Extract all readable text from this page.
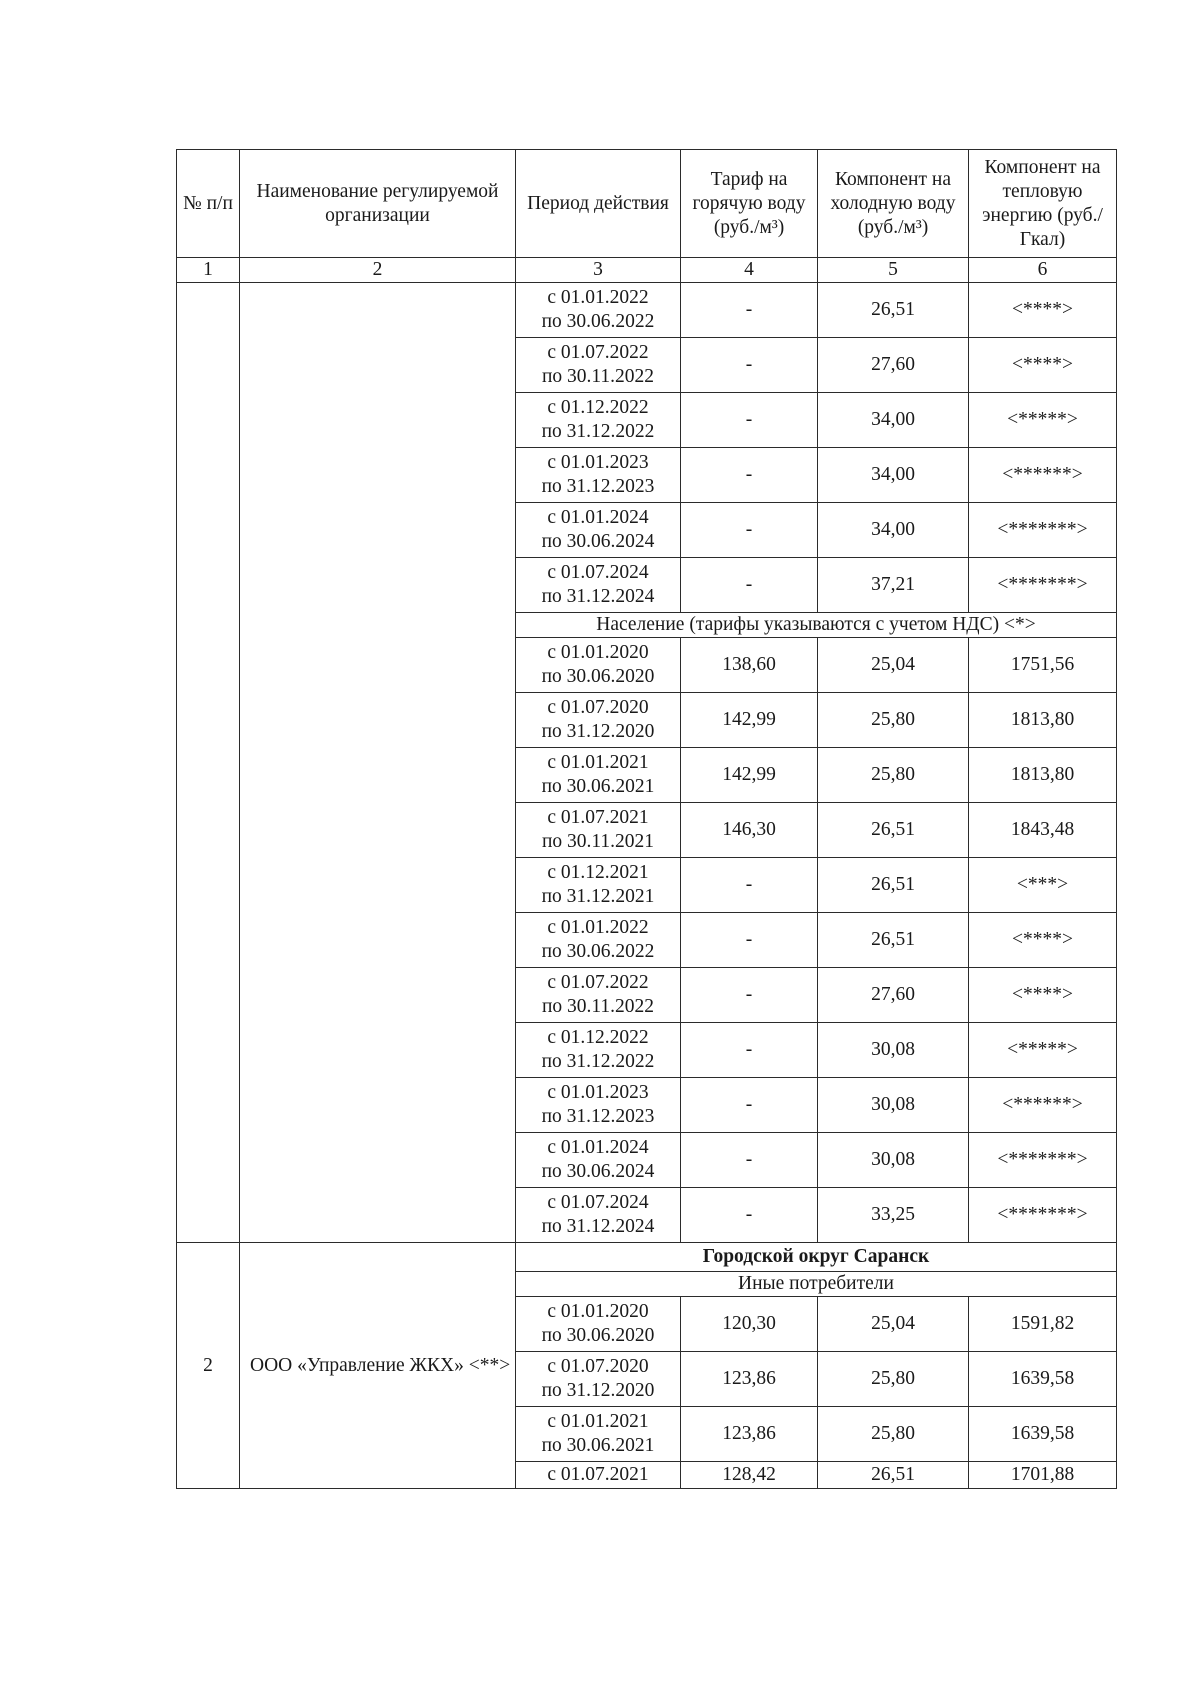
№ п/п	Наименование регулируемой организации	Период действия	Тариф на горячую воду (руб./м³)	Компонент на холодную воду (руб./м³)	Компонент на тепловую энергию (руб./Гкал)
1	2	3	4	5	6

		с 01.01.2022
по 30.06.2022	-	26,51	<****>

		с 01.07.2022
по 30.11.2022	-	27,60	<****>

		с 01.12.2022
по 31.12.2022	-	34,00	<*****>

		с 01.01.2023
по 31.12.2023	-	34,00	<******>

		с 01.01.2024
по 30.06.2024	-	34,00	<*******>

		с 01.07.2024
по 31.12.2024	-	37,21	<*******>
		Население (тарифы указываются с учетом НДС) <*>			

		с 01.01.2020
по 30.06.2020	138,60	25,04	1751,56

		с 01.07.2020
по 31.12.2020	142,99	25,80	1813,80

		с 01.01.2021
по 30.06.2021	142,99	25,80	1813,80

		с 01.07.2021
по 30.11.2021	146,30	26,51	1843,48

		с 01.12.2021
по 31.12.2021	-	26,51	<***>

		с 01.01.2022
по 30.06.2022	-	26,51	<****>

		с 01.07.2022
по 30.11.2022	-	27,60	<****>

		с 01.12.2022
по 31.12.2022	-	30,08	<*****>

		с 01.01.2023
по 31.12.2023	-	30,08	<******>

		с 01.01.2024
по 30.06.2024	-	30,08	<*******>

		с 01.07.2024
по 31.12.2024	-	33,25	<*******>
2	ООО «Управление ЖКХ» <**>	Городской округ Саранск			
		Иные потребители			

		с 01.01.2020
по 30.06.2020	120,30	25,04	1591,82

		с 01.07.2020
по 31.12.2020	123,86	25,80	1639,58

		с 01.01.2021
по 30.06.2021	123,86	25,80	1639,58

		с 01.07.2021	128,42	26,51	1701,88
